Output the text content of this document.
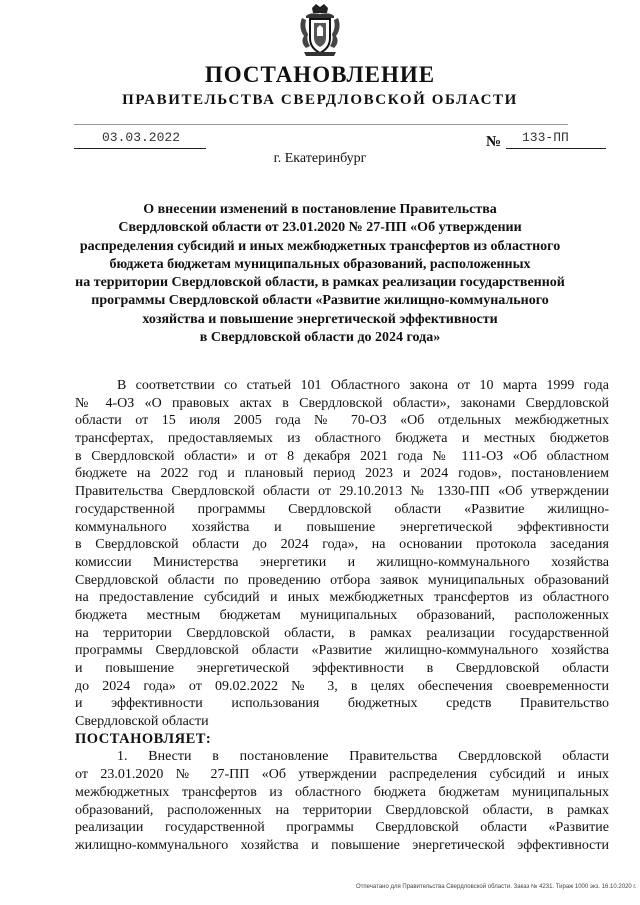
ПОСТАНОВЛЕНИЕ
ПРАВИТЕЛЬСТВА СВЕРДЛОВСКОЙ ОБЛАСТИ
03.03.2022	№ 133-ПП
г. Екатеринбург
О внесении изменений в постановление Правительства
Свердловской области от 23.01.2020 № 27-ПП «Об утверждении
распределения субсидий и иных межбюджетных трансфертов из областного
бюджета бюджетам муниципальных образований, расположенных
на территории Свердловской области, в рамках реализации государственной
программы Свердловской области «Развитие жилищно-коммунального
хозяйства и повышение энергетической эффективности
в Свердловской области до 2024 года»
В соответствии со статьей 101 Областного закона от 10 марта 1999 года
№ 4-ОЗ «О правовых актах в Свердловской области», законами Свердловской
области от 15 июля 2005 года № 70-ОЗ «Об отдельных межбюджетных
трансфертах, предоставляемых из областного бюджета и местных бюджетов
в Свердловской области» и от 8 декабря 2021 года № 111-ОЗ «Об областном
бюджете на 2022 год и плановый период 2023 и 2024 годов», постановлением
Правительства Свердловской области от 29.10.2013 № 1330-ПП «Об утверждении
государственной программы Свердловской области «Развитие жилищно-
коммунального хозяйства и повышение энергетической эффективности
в Свердловской области до 2024 года», на основании протокола заседания
комиссии Министерства энергетики и жилищно-коммунального хозяйства
Свердловской области по проведению отбора заявок муниципальных образований
на предоставление субсидий и иных межбюджетных трансфертов из областного
бюджета местным бюджетам муниципальных образований, расположенных
на территории Свердловской области, в рамках реализации государственной
программы Свердловской области «Развитие жилищно-коммунального хозяйства
и повышение энергетической эффективности в Свердловской области
до 2024 года» от 09.02.2022 № 3, в целях обеспечения своевременности
и эффективности использования бюджетных средств Правительство
Свердловской области
ПОСТАНОВЛЯЕТ:
1. Внести в постановление Правительства Свердловской области
от 23.01.2020 № 27-ПП «Об утверждении распределения субсидий и иных
межбюджетных трансфертов из областного бюджета бюджетам муниципальных
образований, расположенных на территории Свердловской области, в рамках
реализации государственной программы Свердловской области «Развитие
жилищно-коммунального хозяйства и повышение энергетической эффективности
Отпечатано для Правительства Свердловской области. Заказ № 4231. Тираж 1000 экз. 16.10.2020 г.
